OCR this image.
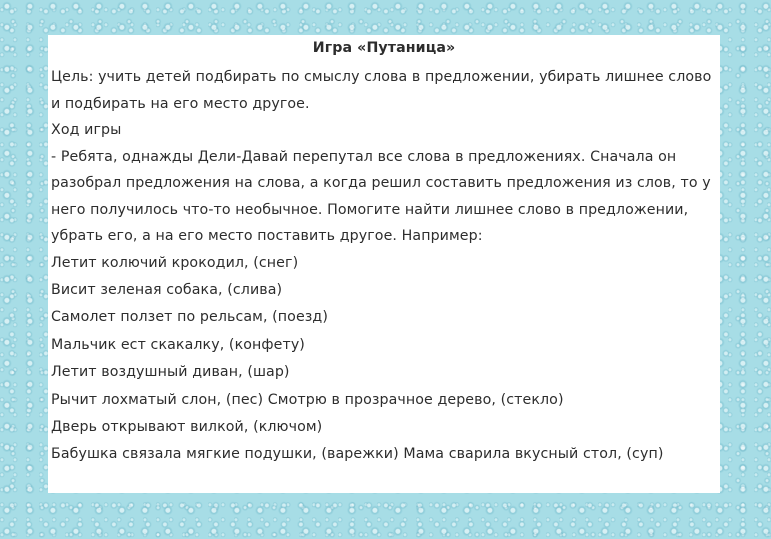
Игра «Путаница»

Цель: учить детей подбирать по смыслу слова в предложении, убирать лишнее слово и подбирать на его место другое.

Ход игры

- Ребята, однажды Дели-Давай перепутал все слова в предложениях. Сначала он разобрал предложения на слова, а когда решил составить предложения из слов, то у него получилось что-то необычное. Помогите найти лишнее слово в предложении, убрать его, а на его место поставить другое. Например:

Летит колючий крокодил, (снег)

Висит зеленая собака, (слива)

Самолет ползет по рельсам, (поезд)

Мальчик ест скакалку, (конфету)

Летит воздушный диван, (шар)

Рычит лохматый слон, (пес) Смотрю в прозрачное дерево, (стекло)

Дверь открывают вилкой, (ключом)

Бабушка связала мягкие подушки, (варежки) Мама сварила вкусный стол, (суп)
